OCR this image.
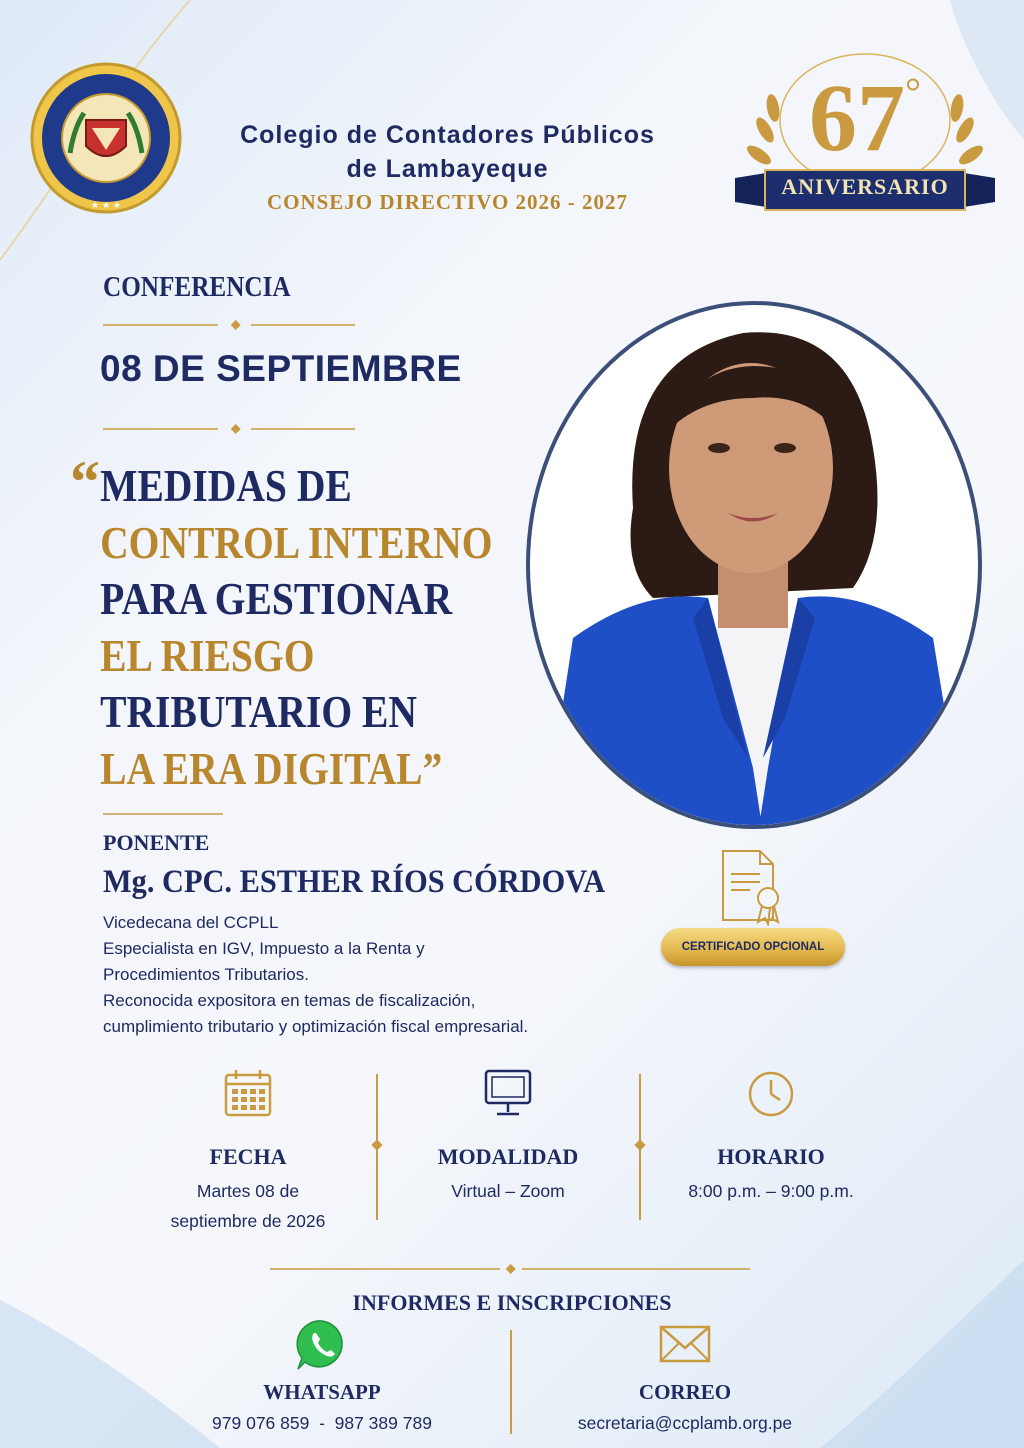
★ ★ ★
Colegio de Contadores Públicos
de Lambayeque
CONSEJO DIRECTIVO 2026 - 2027
67°
ANIVERSARIO
CONFERENCIA
08 DE SEPTIEMBRE
“ MEDIDAS DE
CONTROL INTERNO
PARA GESTIONAR
EL RIESGO
TRIBUTARIO EN
LA ERA DIGITAL”
PONENTE
Mg. CPC. ESTHER RÍOS CÓRDOVA
Vicedecana del CCPLL
Especialista en IGV, Impuesto a la Renta y
Procedimientos Tributarios.
Reconocida expositora en temas de fiscalización,
cumplimiento tributario y optimización fiscal empresarial.
CERTIFICADO OPCIONAL
FECHA
Martes 08 de
septiembre de 2026
MODALIDAD
Virtual – Zoom
HORARIO
8:00 p.m. – 9:00 p.m.
INFORMES E INSCRIPCIONES
WHATSAPP
979 076 859  -  987 389 789
CORREO
secretaria@ccplamb.org.pe
